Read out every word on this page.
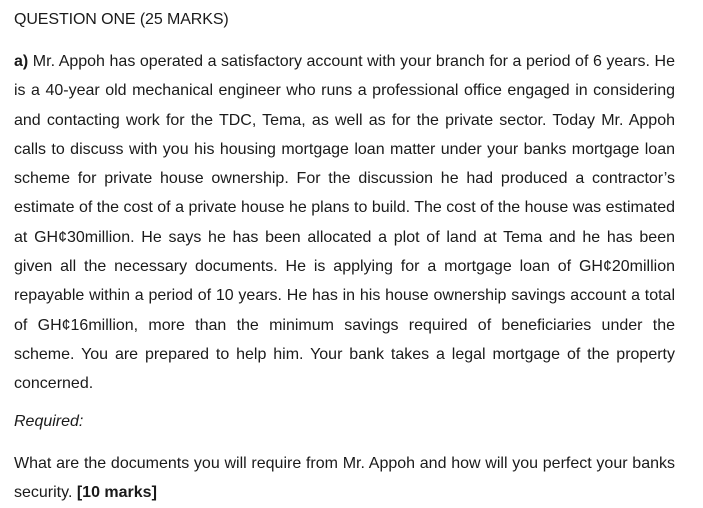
QUESTION ONE (25 MARKS)
a) Mr. Appoh has operated a satisfactory account with your branch for a period of 6 years. He is a 40-year old mechanical engineer who runs a professional office engaged in considering and contacting work for the TDC, Tema, as well as for the private sector. Today Mr. Appoh calls to discuss with you his housing mortgage loan matter under your banks mortgage loan scheme for private house ownership. For the discussion he had produced a contractor’s estimate of the cost of a private house he plans to build. The cost of the house was estimated at GH¢30million. He says he has been allocated a plot of land at Tema and he has been given all the necessary documents. He is applying for a mortgage loan of GH¢20million repayable within a period of 10 years. He has in his house ownership savings account a total of GH¢16million, more than the minimum savings required of beneficiaries under the scheme. You are prepared to help him. Your bank takes a legal mortgage of the property concerned.
Required:
What are the documents you will require from Mr. Appoh and how will you perfect your banks security. [10 marks]
